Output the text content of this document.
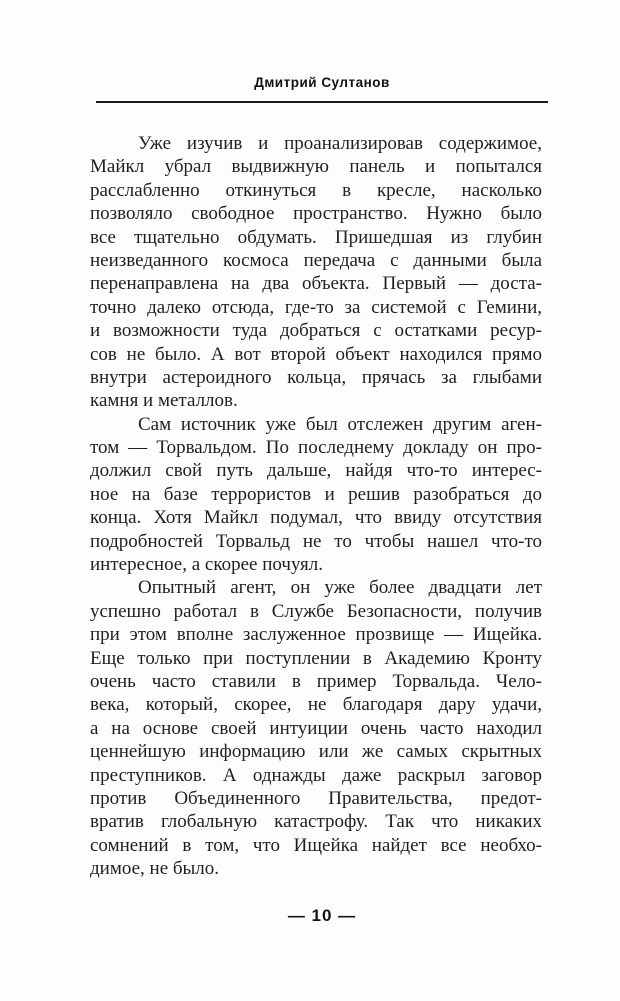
Дмитрий Султанов
Уже изучив и проанализировав содержимое,
Майкл убрал выдвижную панель и попытался
расслабленно откинуться в кресле, насколько
позволяло свободное пространство. Нужно было
все тщательно обдумать. Пришедшая из глубин
неизведанного космоса передача с данными была
перенаправлена на два объекта. Первый — доста-
точно далеко отсюда, где-то за системой с Гемини,
и возможности туда добраться с остатками ресур-
сов не было. А вот второй объект находился прямо
внутри астероидного кольца, прячась за глыбами
камня и металлов.
Сам источник уже был отслежен другим аген-
том — Торвальдом. По последнему докладу он про-
должил свой путь дальше, найдя что-то интерес-
ное на базе террористов и решив разобраться до
конца. Хотя Майкл подумал, что ввиду отсутствия
подробностей Торвальд не то чтобы нашел что-то
интересное, а скорее почуял.
Опытный агент, он уже более двадцати лет
успешно работал в Службе Безопасности, получив
при этом вполне заслуженное прозвище — Ищейка.
Еще только при поступлении в Академию Кронту
очень часто ставили в пример Торвальда. Чело-
века, который, скорее, не благодаря дару удачи,
а на основе своей интуиции очень часто находил
ценнейшую информацию или же самых скрытных
преступников. А однажды даже раскрыл заговор
против Объединенного Правительства, предот-
вратив глобальную катастрофу. Так что никаких
сомнений в том, что Ищейка найдет все необхо-
димое, не было.
— 10 —
